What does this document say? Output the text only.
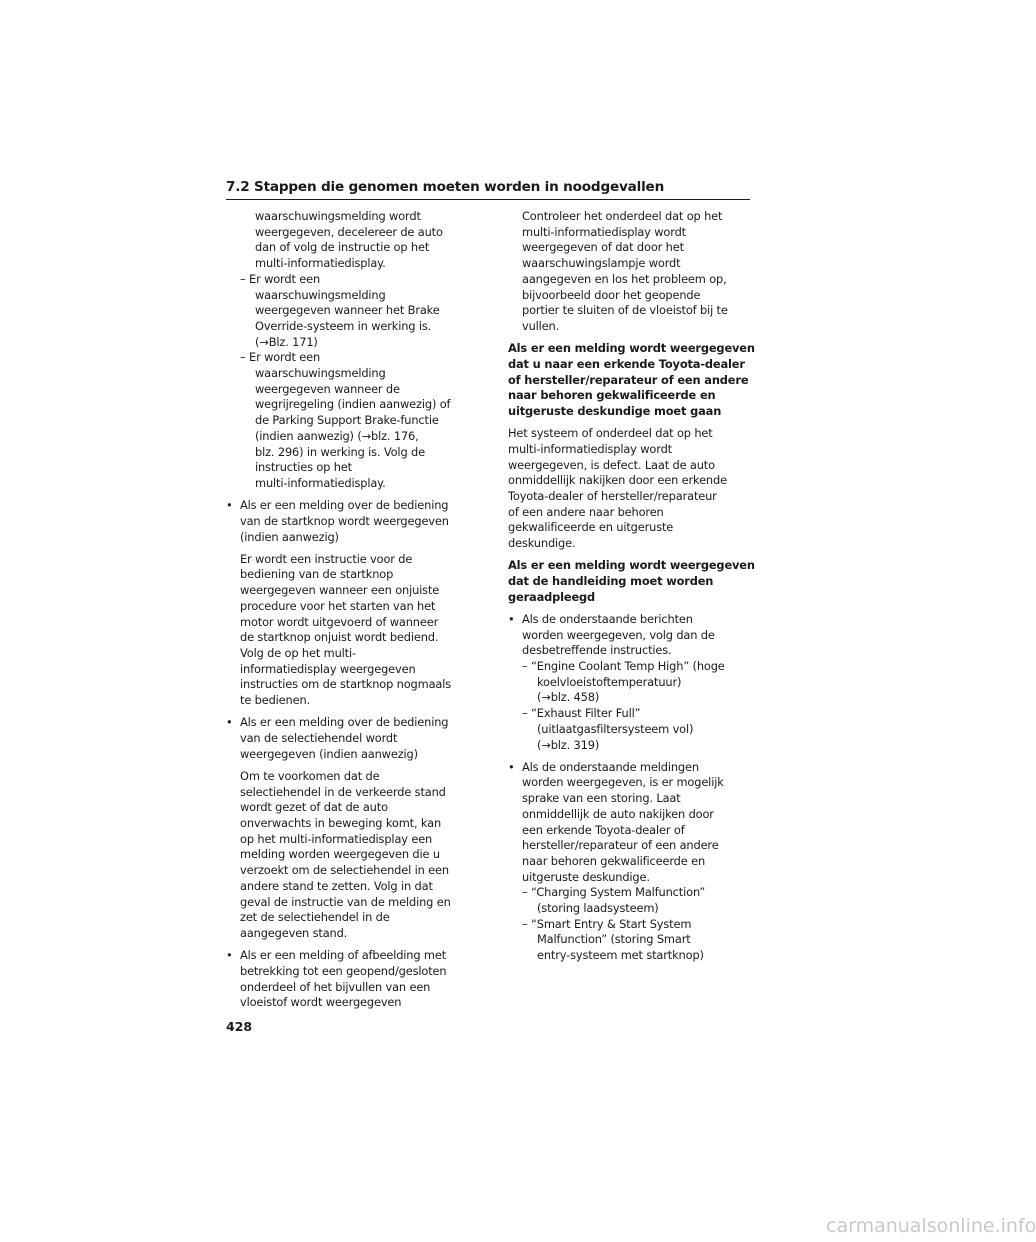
7.2 Stappen die genomen moeten worden in noodgevallen
waarschuwingsmelding wordt
weergegeven, decelereer de auto
dan of volg de instructie op het
multi-informatiedisplay.
– Er wordt een
waarschuwingsmelding
weergegeven wanneer het Brake
Override-systeem in werking is.
(→Blz. 171)
– Er wordt een
waarschuwingsmelding
weergegeven wanneer de
wegrijregeling (indien aanwezig) of
de Parking Support Brake-functie
(indien aanwezig) (→blz. 176,
blz. 296) in werking is. Volg de
instructies op het
multi-informatiedisplay.
• Als er een melding over de bediening
van de startknop wordt weergegeven
(indien aanwezig)
Er wordt een instructie voor de
bediening van de startknop
weergegeven wanneer een onjuiste
procedure voor het starten van het
motor wordt uitgevoerd of wanneer
de startknop onjuist wordt bediend.
Volg de op het multi-
informatiedisplay weergegeven
instructies om de startknop nogmaals
te bedienen.
• Als er een melding over de bediening
van de selectiehendel wordt
weergegeven (indien aanwezig)
Om te voorkomen dat de
selectiehendel in de verkeerde stand
wordt gezet of dat de auto
onverwachts in beweging komt, kan
op het multi-informatiedisplay een
melding worden weergegeven die u
verzoekt om de selectiehendel in een
andere stand te zetten. Volg in dat
geval de instructie van de melding en
zet de selectiehendel in de
aangegeven stand.
• Als er een melding of afbeelding met
betrekking tot een geopend/gesloten
onderdeel of het bijvullen van een
vloeistof wordt weergegeven
Controleer het onderdeel dat op het
multi-informatiedisplay wordt
weergegeven of dat door het
waarschuwingslampje wordt
aangegeven en los het probleem op,
bijvoorbeeld door het geopende
portier te sluiten of de vloeistof bij te
vullen.
Als er een melding wordt weergegeven
dat u naar een erkende Toyota-dealer
of hersteller/reparateur of een andere
naar behoren gekwalificeerde en
uitgeruste deskundige moet gaan
Het systeem of onderdeel dat op het
multi-informatiedisplay wordt
weergegeven, is defect. Laat de auto
onmiddellijk nakijken door een erkende
Toyota-dealer of hersteller/reparateur
of een andere naar behoren
gekwalificeerde en uitgeruste
deskundige.
Als er een melding wordt weergegeven
dat de handleiding moet worden
geraadpleegd
• Als de onderstaande berichten
worden weergegeven, volg dan de
desbetreffende instructies.
– “Engine Coolant Temp High” (hoge
koelvloeistoftemperatuur)
(→blz. 458)
– “Exhaust Filter Full”
(uitlaatgasfiltersysteem vol)
(→blz. 319)
• Als de onderstaande meldingen
worden weergegeven, is er mogelijk
sprake van een storing. Laat
onmiddellijk de auto nakijken door
een erkende Toyota-dealer of
hersteller/reparateur of een andere
naar behoren gekwalificeerde en
uitgeruste deskundige.
– “Charging System Malfunction”
(storing laadsysteem)
– “Smart Entry & Start System
Malfunction” (storing Smart
entry-systeem met startknop)
428
carmanualsonline.info
